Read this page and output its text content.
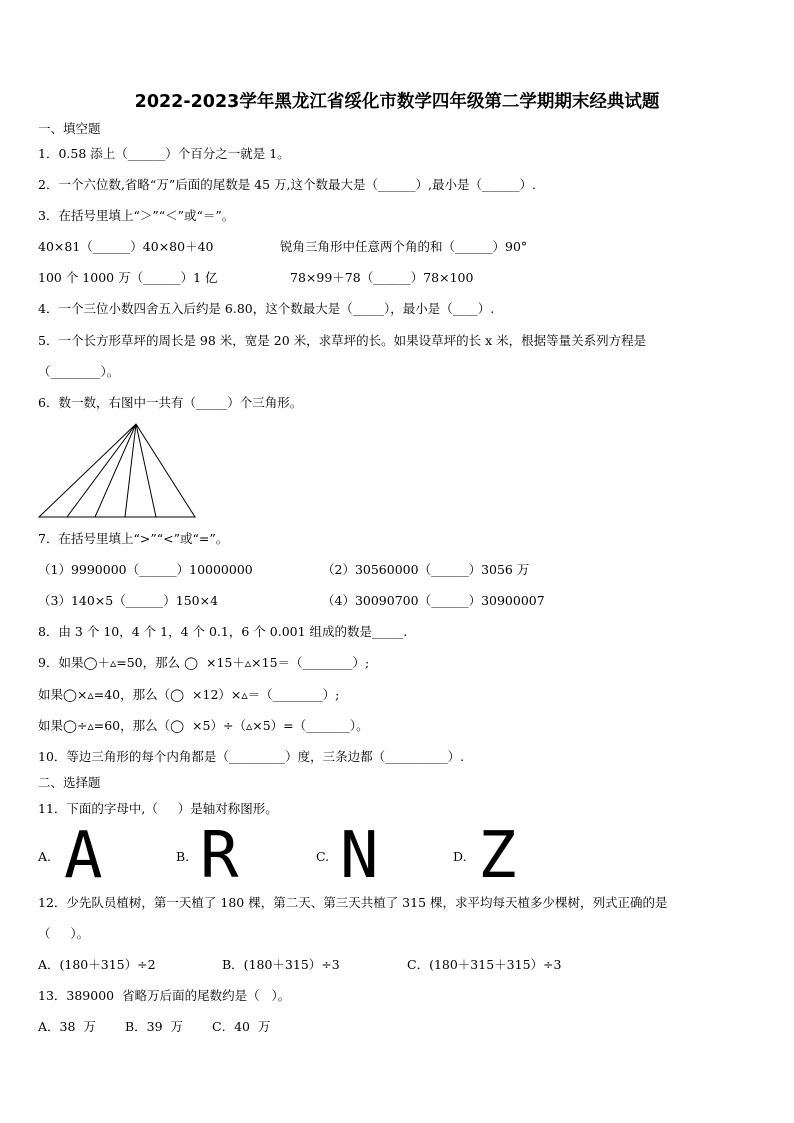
2022-2023学年黑龙江省绥化市数学四年级第二学期期末经典试题
一、填空题
1．0.58 添上（______）个百分之一就是 1。
2．一个六位数,省略“万”后面的尾数是 45 万,这个数最大是（______）,最小是（______）.
3．在括号里填上“＞”“＜”或“＝”。
40×81（______）40×80＋40	锐角三角形中任意两个角的和（______）90°
100 个 1000 万（______）1 亿	78×99＋78（______）78×100
4．一个三位小数四舍五入后约是 6.80，这个数最大是（_____），最小是（____）.
5．一个长方形草坪的周长是 98 米，宽是 20 米，求草坪的长。如果设草坪的长 x 米，根据等量关系列方程是
（________）。
6．数一数，右图中一共有（_____）个三角形。
7．在括号里填上“>”“<”或“=”。
（1）9990000（______）10000000	（2）30560000（______）3056 万
（3）140×5（______）150×4	（4）30090700（______）30900007
8．由 3 个 10，4 个 1，4 个 0.1，6 个 0.001 组成的数是_____.
9．如果◯＋▵=50，那么 ◯  ×15＋▵×15＝（________）;
如果◯×▵=40，那么（◯  ×12）×▵＝（________）;
如果◯÷▵=60，那么（◯  ×5）÷（▵×5）=（_______）。
10．等边三角形的每个内角都是（_________）度，三条边都（__________）.
二、选择题
11．下面的字母中,（     ）是轴对称图形。
A. A	B. R	C. N	D. Z
12．少先队员植树，第一天植了 180 棵，第二天、第三天共植了 315 棵，求平均每天植多少棵树，列式正确的是
（     ）。
A．(180＋315）÷2	B．(180＋315）÷3	C．(180＋315＋315）÷3
13．389000  省略万后面的尾数约是（   ）。
A．38  万 B．39  万 C．40  万
